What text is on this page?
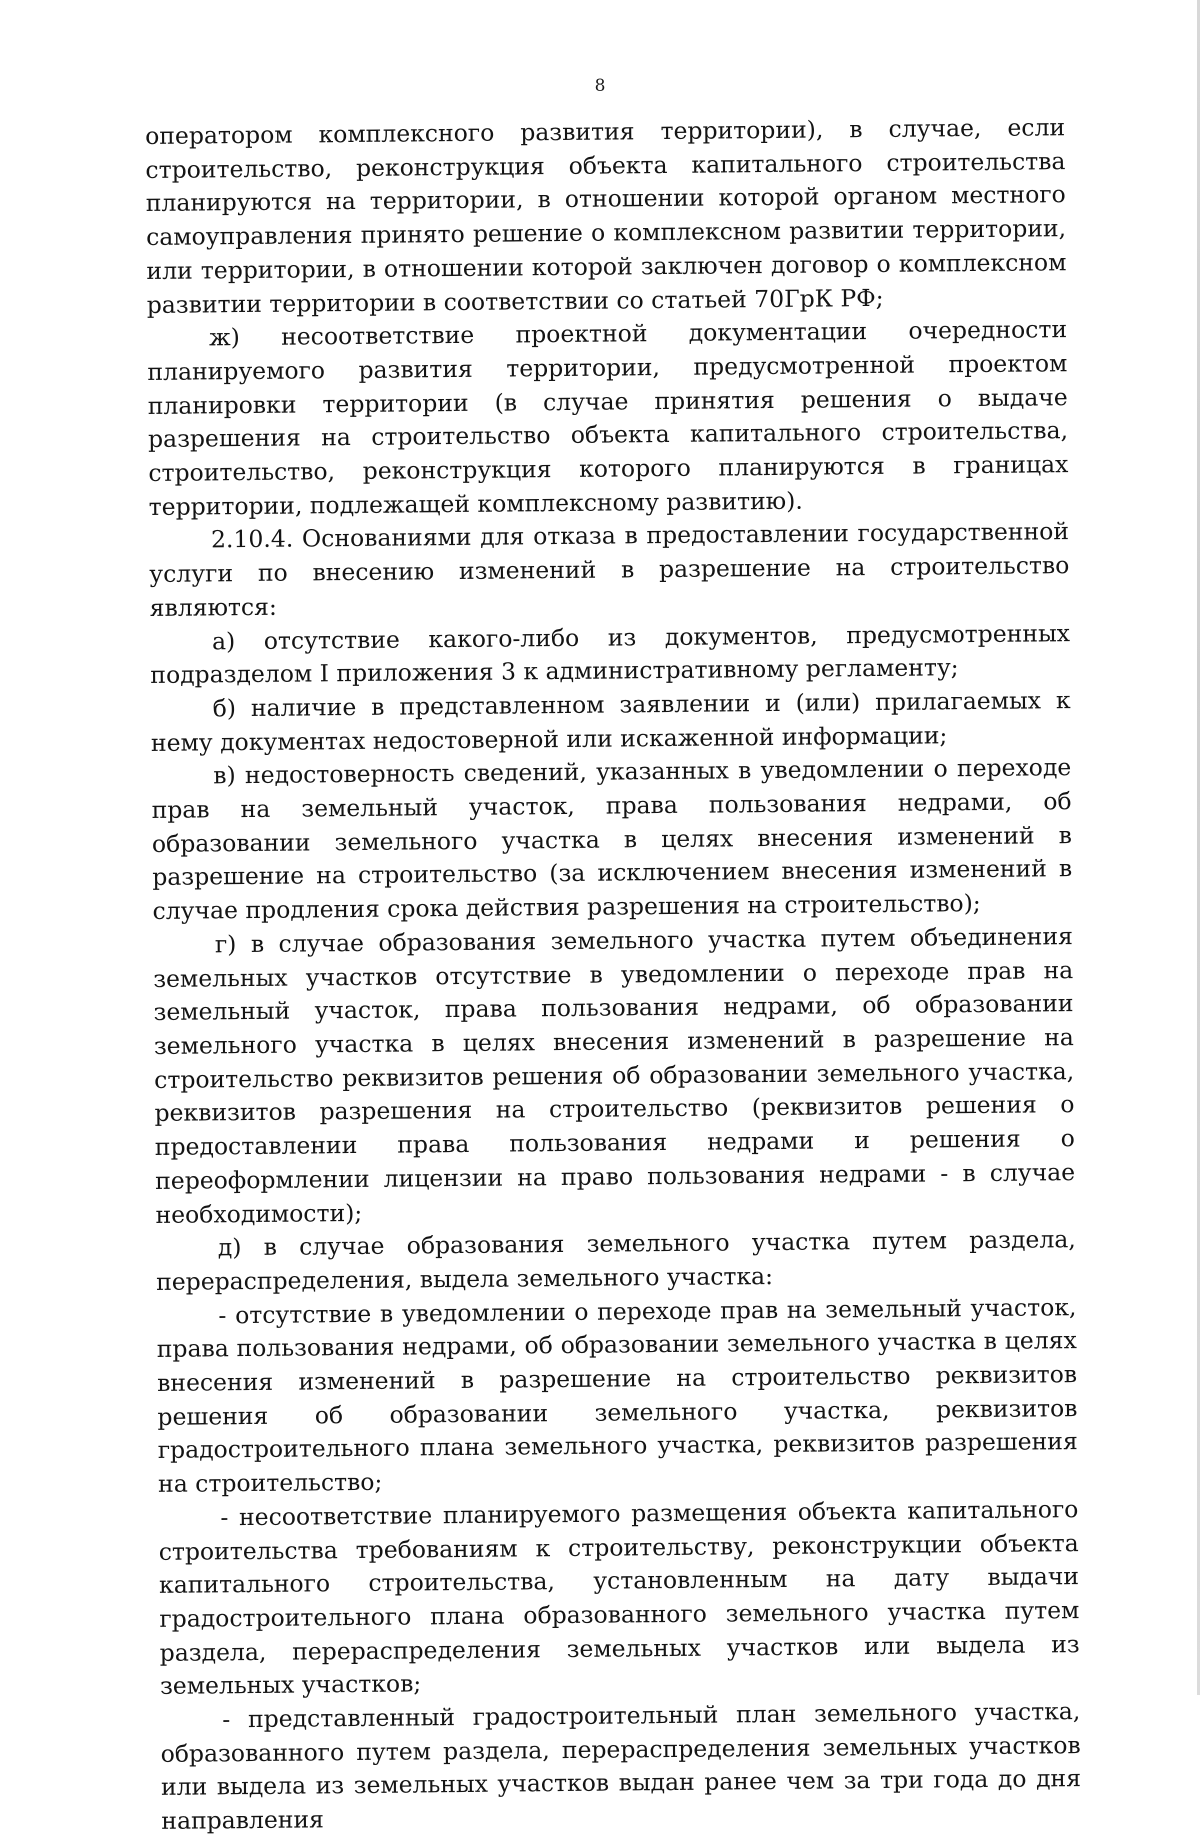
8

оператором комплексного развития территории), в случае, если строительство, реконструкция объекта капитального строительства планируются на территории, в отношении которой органом местного самоуправления принято решение о комплексном развитии территории, или территории, в отношении которой заключен договор о комплексном развитии территории в соответствии со статьей 70ГрК РФ;

ж) несоответствие проектной документации очередности планируемого развития территории, предусмотренной проектом планировки территории (в случае принятия решения о выдаче разрешения на строительство объекта капитального строительства, строительство, реконструкция которого планируются в границах территории, подлежащей комплексному развитию).

2.10.4. Основаниями для отказа в предоставлении государственной услуги по внесению изменений в разрешение на строительство являются:

а) отсутствие какого-либо из документов, предусмотренных подразделом I приложения 3 к административному регламенту;

б) наличие в представленном заявлении и (или) прилагаемых к нему документах недостоверной или искаженной информации;

в) недостоверность сведений, указанных в уведомлении о переходе прав на земельный участок, права пользования недрами, об образовании земельного участка в целях внесения изменений в разрешение на строительство (за исключением внесения изменений в случае продления срока действия разрешения на строительство);

г) в случае образования земельного участка путем объединения земельных участков отсутствие в уведомлении о переходе прав на земельный участок, права пользования недрами, об образовании земельного участка в целях внесения изменений в разрешение на строительство реквизитов решения об образовании земельного участка, реквизитов разрешения на строительство (реквизитов решения о предоставлении права пользования недрами и решения о переоформлении лицензии на право пользования недрами - в случае необходимости);

д) в случае образования земельного участка путем раздела, перераспределения, выдела земельного участка:

- отсутствие в уведомлении о переходе прав на земельный участок, права пользования недрами, об образовании земельного участка в целях внесения изменений в разрешение на строительство реквизитов решения об образовании земельного участка, реквизитов градостроительного плана земельного участка, реквизитов разрешения на строительство;

- несоответствие планируемого размещения объекта капитального строительства требованиям к строительству, реконструкции объекта капитального строительства, установленным на дату выдачи градостроительного плана образованного земельного участка путем раздела, перераспределения земельных участков или выдела из земельных участков;

- представленный градостроительный план земельного участка, образованного путем раздела, перераспределения земельных участков или выдела из земельных участков выдан ранее чем за три года до дня направления
